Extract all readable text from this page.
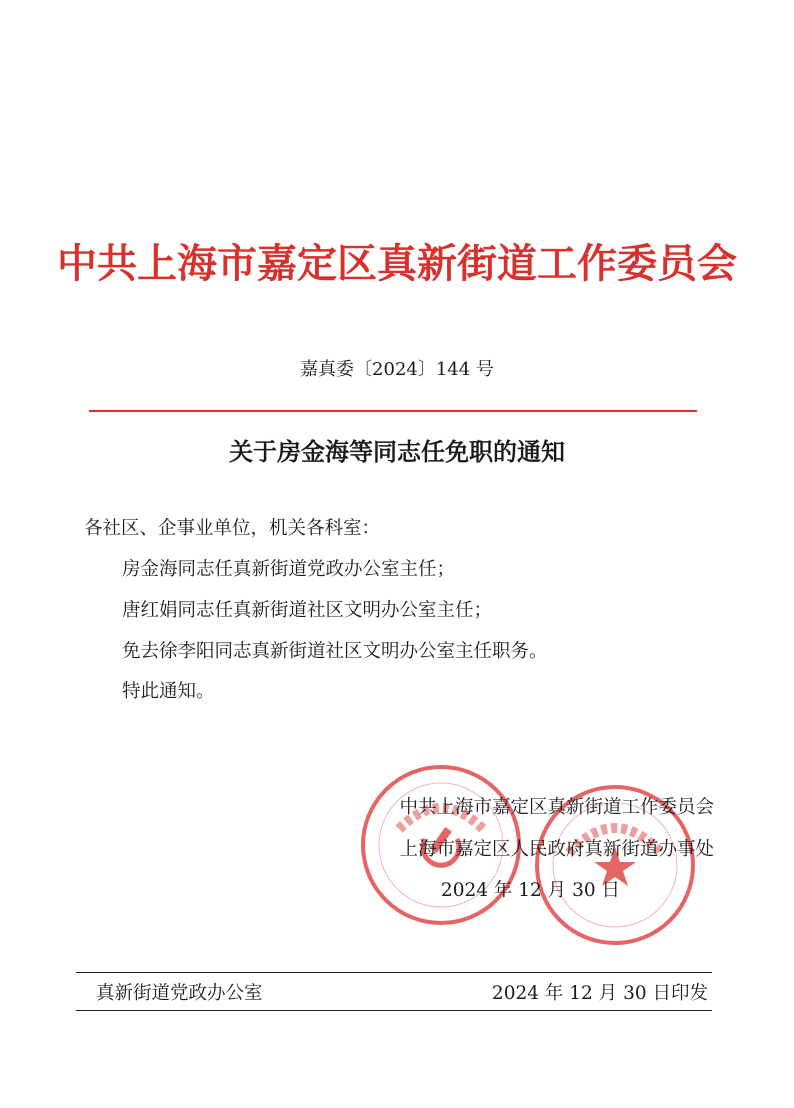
中共上海市嘉定区真新街道工作委员会
嘉真委〔2024〕144 号
关于房金海等同志任免职的通知
各社区、企事业单位，机关各科室：
房金海同志任真新街道党政办公室主任；
唐红娟同志任真新街道社区文明办公室主任；
免去徐李阳同志真新街道社区文明办公室主任职务。
特此通知。
中共上海市嘉定区真新街道工作委员会
上海市嘉定区人民政府真新街道办事处
2024 年 12 月 30 日
真新街道党政办公室	2024 年 12 月 30 日印发
